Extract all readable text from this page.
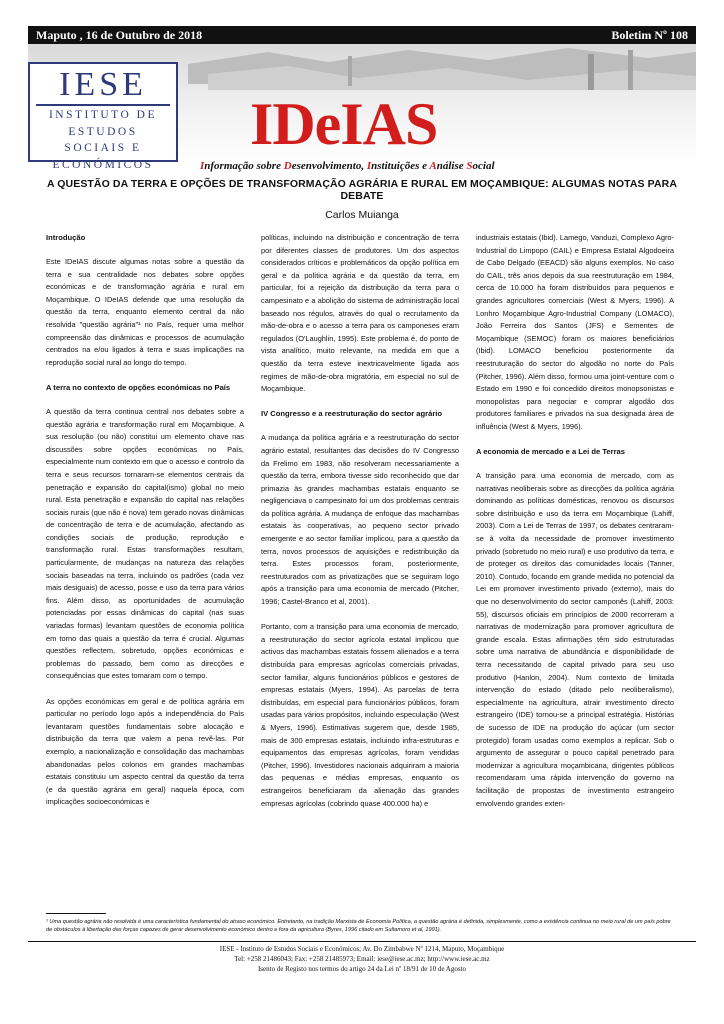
Maputo , 16 de Outubro de 2018	Boletim Nº 108
IESE
INSTITUTO DE
ESTUDOS
SOCIAIS E
ECONÓMICOS
IDeIAS
Informação sobre Desenvolvimento, Instituições e Análise Social
A QUESTÃO DA TERRA E OPÇÕES DE TRANSFORMAÇÃO AGRÁRIA E RURAL EM MOÇAMBIQUE: ALGUMAS NOTAS PARA DEBATE
Carlos Muianga
Introdução

Este IDeIAS discute algumas notas sobre a questão da terra e sua centralidade nos debates sobre opções económicas e de transformação agrária e rural em Moçambique. O IDeIAS defende que uma resolução da questão da terra, enquanto elemento central da não resolvida "questão agrária"¹ no País, requer uma melhor compreensão das dinâmicas e processos de acumulação centrados na e/ou ligados à terra e suas implicações na reprodução social rural ao longo do tempo.

A terra no contexto de opções económicas no País

A questão da terra continua central nos debates sobre a questão agrária e transformação rural em Moçambique. A sua resolução (ou não) constitui um elemento chave nas discussões sobre opções económicas no País, especialmente num contexto em que o acesso e controlo da terra e seus recursos tornaram-se elementos centrais da penetração e expansão do capital(ismo) global no meio rural. Esta penetração e expansão do capital nas relações sociais rurais (que não é nova) tem gerado novas dinâmicas de concentração de terra e de acumulação, afectando as condições sociais de produção, reprodução e transformação rural. Estas transformações resultam, particularmente, de mudanças na natureza das relações sociais baseadas na terra, incluindo os padrões (cada vez mais desiguais) de acesso, posse e uso da terra para vários fins. Além disso, as oportunidades de acumulação potenciadas por essas dinâmicas do capital (nas suas variadas formas) levantam questões de economia política em torno das quais a questão da terra é crucial. Algumas questões reflectem, sobretudo, opções económicas e problemas do passado, bem como as direcções e consequências que estes tomaram com o tempo.

As opções económicas em geral e de política agrária em particular no período logo após a independência do País levantaram questões fundamentais sobre alocação e distribuição da terra que valem a pena revê-las. Por exemplo, a nacionalização e consolidação das machambas abandonadas pelos colonos em grandes machambas estatais constituiu um aspecto central da questão da terra (e da questão agrária em geral) naquela época, com implicações socioeconómicas e

políticas, incluindo na distribuição e concentração de terra por diferentes classes de produtores. Um dos aspectos considerados críticos e problemáticos da opção política em geral e da política agrária e da questão da terra, em particular, foi a rejeição da distribuição da terra para o campesinato e a abolição do sistema de administração local baseado nos régulos, através do qual o recrutamento da mão-de-obra e o acesso a terra para os camponeses eram regulados (O'Laughlin, 1995). Este problema é, do ponto de vista analítico, muito relevante, na medida em que a questão da terra esteve inextricavelmente ligada aos regimes de mão-de-obra migratória, em especial no sul de Moçambique.

IV Congresso e a reestruturação do sector agrário

A mudança da política agrária e a reestruturação do sector agrário estatal, resultantes das decisões do IV Congresso da Frelimo em 1983, não resolveram necessariamente a questão da terra, embora tivesse sido reconhecido que dar primazia às grandes machambas estatais enquanto se negligenciava o campesinato foi um dos problemas centrais da política agrária. A mudança de enfoque das machambas estatais às cooperativas, ao pequeno sector privado emergente e ao sector familiar implicou, para a questão da terra, novos processos de aquisições e redistribuição da terra. Estes processos foram, posteriormente, reestruturados com as privatizações que se seguiram logo após a transição para uma economia de mercado (Pitcher, 1996; Castel-Branco et al, 2001).

Portanto, com a transição para uma economia de mercado, a reestruturação do sector agrícola estatal implicou que activos das machambas estatais fossem alienados e a terra distribuída para empresas agrícolas comerciais privadas, sector familiar, alguns funcionários públicos e gestores de empresas estatais (Myers, 1994). As parcelas de terra distribuídas, em especial para funcionários públicos, foram usadas para vários propósitos, incluindo especulação (West & Myers, 1996). Estimativas sugerem que, desde 1985, mais de 300 empresas estatais, incluindo infra-estruturas e equipamentos das empresas agrícolas, foram vendidas (Pitcher, 1996). Investidores nacionais adquiriram a maioria das pequenas e médias empresas, enquanto os estrangeiros beneficiaram da alienação das grandes empresas agrícolas (cobrindo quase 400.000 ha) e

industriais estatais (Ibid). Lamego, Vanduzi, Complexo Agro-Industrial do Limpopo (CAIL) e Empresa Estatal Algodoeira de Cabo Delgado (EEACD) são alguns exemplos. No caso do CAIL, três anos depois da sua reestruturação em 1984, cerca de 10.000 ha foram distribuídos para pequenos e grandes agricultores comerciais (West & Myers, 1996). A Lonhro Moçambique Agro-Industrial Company (LOMACO), João Ferreira dos Santos (JFS) e Sementes de Moçambique (SEMOC) foram os maiores beneficiários (Ibid). LOMACO beneficiou posteriormente da reestruturação do sector do algodão no norte do País (Pitcher, 1996). Além disso, formou uma joint-venture com o Estado em 1990 e foi concedido direitos monopsonistas e monopolistas para negociar e comprar algodão dos produtores familiares e privados na sua designada área de influência (West & Myers, 1996).

A economia de mercado e a Lei de Terras

A transição para uma economia de mercado, com as narrativas neoliberais sobre as direcções da política agrária dominando as políticas domésticas, renovou os discursos sobre distribuição e uso da terra em Moçambique (Lahiff, 2003). Com a Lei de Terras de 1997, os debates centraram-se à volta da necessidade de promover investimento privado (sobretudo no meio rural) e uso produtivo da terra, e de proteger os direitos das comunidades locais (Tanner, 2010). Contudo, focando em grande medida no potencial da Lei em promover investimento privado (externo), mais do que no desenvolvimento do sector camponês (Lahiff, 2003: 55), discursos oficiais em princípios de 2000 recorreram a narrativas de modernização para promover agricultura de grande escala. Estas afirmações têm sido estruturadas sobre uma narrativa de abundância e disponibilidade de terra necessitando de capital privado para seu uso produtivo (Hanlon, 2004). Num contexto de limitada intervenção do estado (ditado pelo neoliberalismo), especialmente na agricultura, atrair investimento directo estrangeiro (IDE) tornou-se a principal estratégia. Histórias de sucesso de IDE na produção do açúcar (um sector protegido) foram usadas como exemplos a replicar. Sob o argumento de assegurar o pouco capital penetrado para modernizar a agricultura moçambicana, dirigentes públicos recomendaram uma rápida intervenção do governo na facilitação de propostas de investimento estrangeiro envolvendo grandes exten-

¹ Uma questão agrária não resolvida é uma característica fundamental do atraso económico. Entretanto, na tradição Marxista de Economia Política, a questão agrária é definida, simplesmente, como a existência continua no meio rural de um país pobre de obstáculos à libertação das forças capazes de gerar desenvolvimento económico dentro e fora da agricultura (Byres, 1996 citado em Sultamoro et al, 1991).
IESE - Instituto de Estudos Sociais e Económicos; Av. Do Zimbabwe Nº 1214, Maputo, Moçambique
Tel: +258 21486043; Fax: +258 21485973; Email: iese@iese.ac.mz; http://www.iese.ac.mz
Isento de Registo nos termos do artigo 24 da Lei nº 18/91 de 10 de Agosto
